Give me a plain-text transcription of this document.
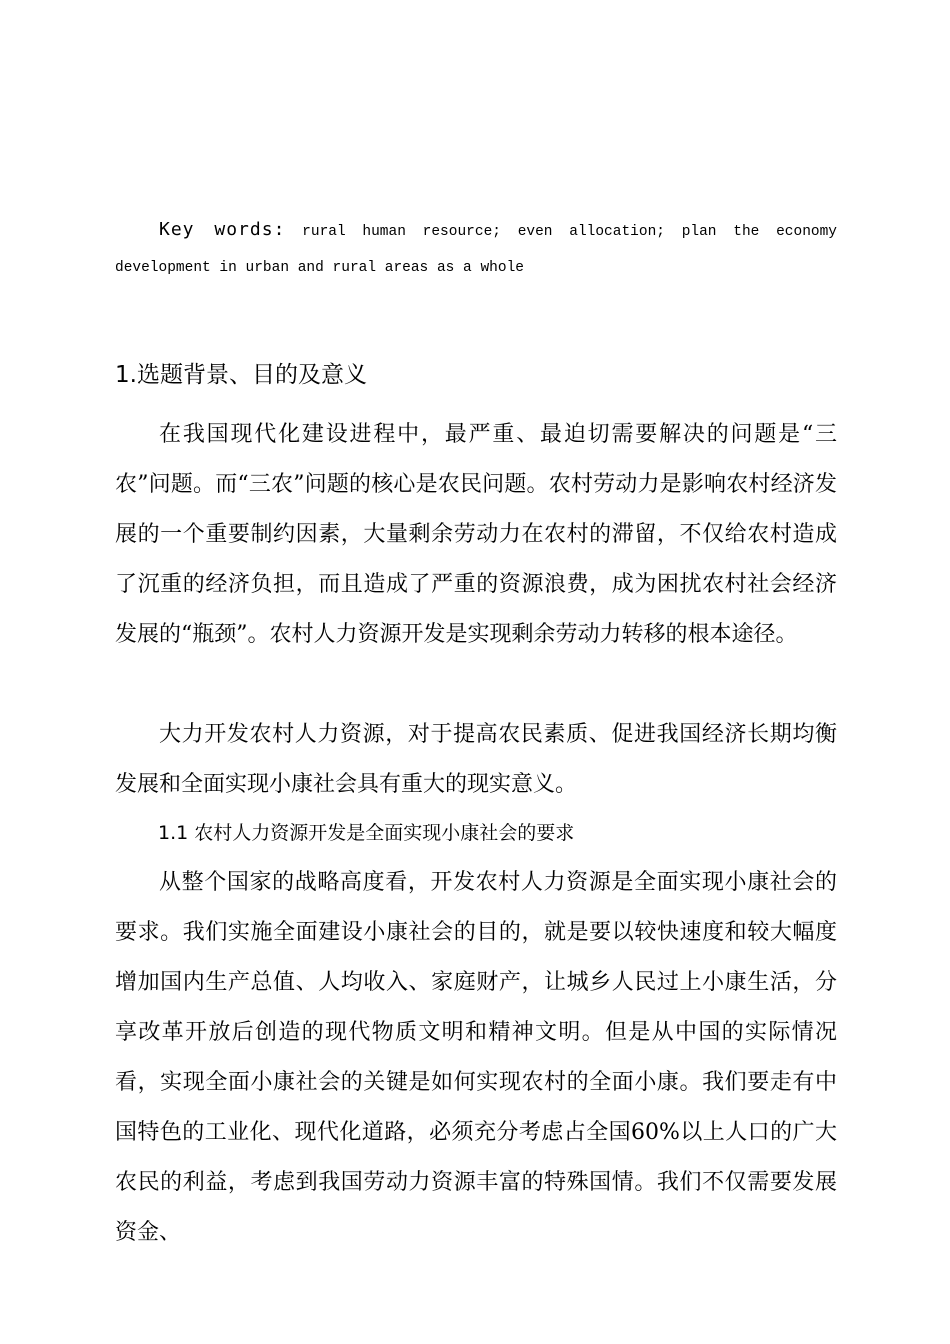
Key words: rural human resource; even allocation; plan the economy development in urban and rural areas as a whole
1.选题背景、目的及意义

在我国现代化建设进程中，最严重、最迫切需要解决的问题是“三农”问题。而“三农”问题的核心是农民问题。农村劳动力是影响农村经济发展的一个重要制约因素，大量剩余劳动力在农村的滞留，不仅给农村造成了沉重的经济负担，而且造成了严重的资源浪费，成为困扰农村社会经济发展的“瓶颈”。农村人力资源开发是实现剩余劳动力转移的根本途径。

大力开发农村人力资源，对于提高农民素质、促进我国经济长期均衡发展和全面实现小康社会具有重大的现实意义。

1.1 农村人力资源开发是全面实现小康社会的要求

从整个国家的战略高度看，开发农村人力资源是全面实现小康社会的要求。我们实施全面建设小康社会的目的，就是要以较快速度和较大幅度增加国内生产总值、人均收入、家庭财产，让城乡人民过上小康生活，分享改革开放后创造的现代物质文明和精神文明。但是从中国的实际情况看，实现全面小康社会的关键是如何实现农村的全面小康。我们要走有中国特色的工业化、现代化道路，必须充分考虑占全国60%以上人口的广大农民的利益，考虑到我国劳动力资源丰富的特殊国情。我们不仅需要发展资金、
